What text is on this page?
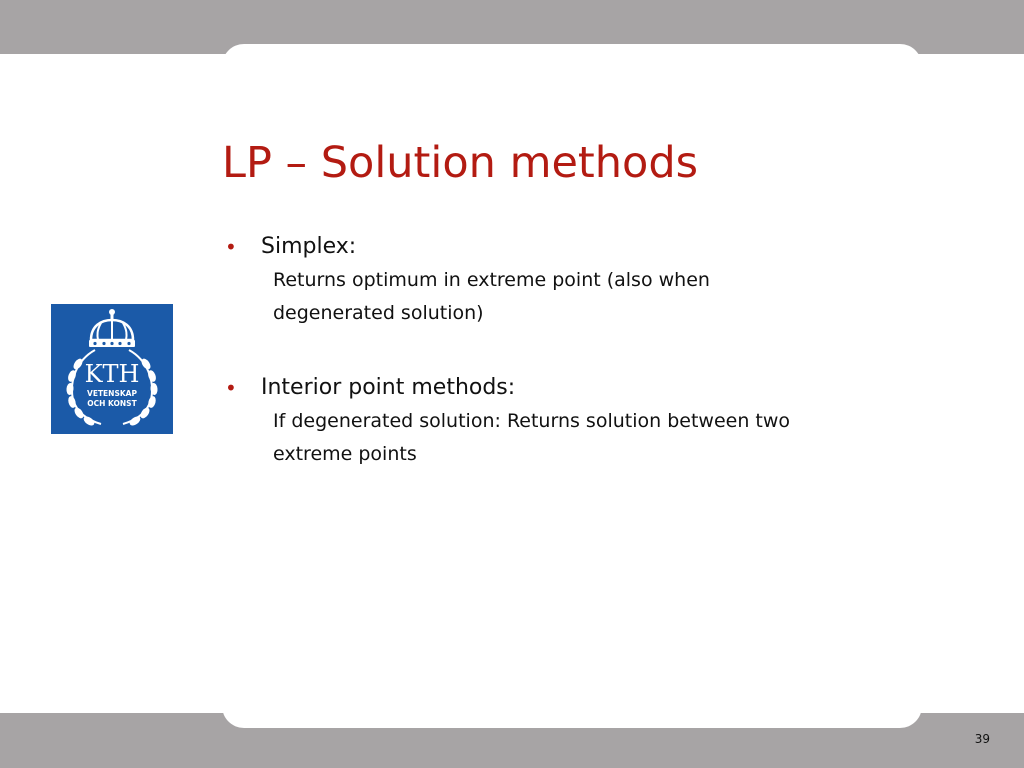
KTH
VETENSKAP
OCH KONST
LP – Solution methods
• Simplex:
Returns optimum in extreme point (also when
degenerated solution)
• Interior point methods:
If degenerated solution: Returns solution between two
extreme points
39
